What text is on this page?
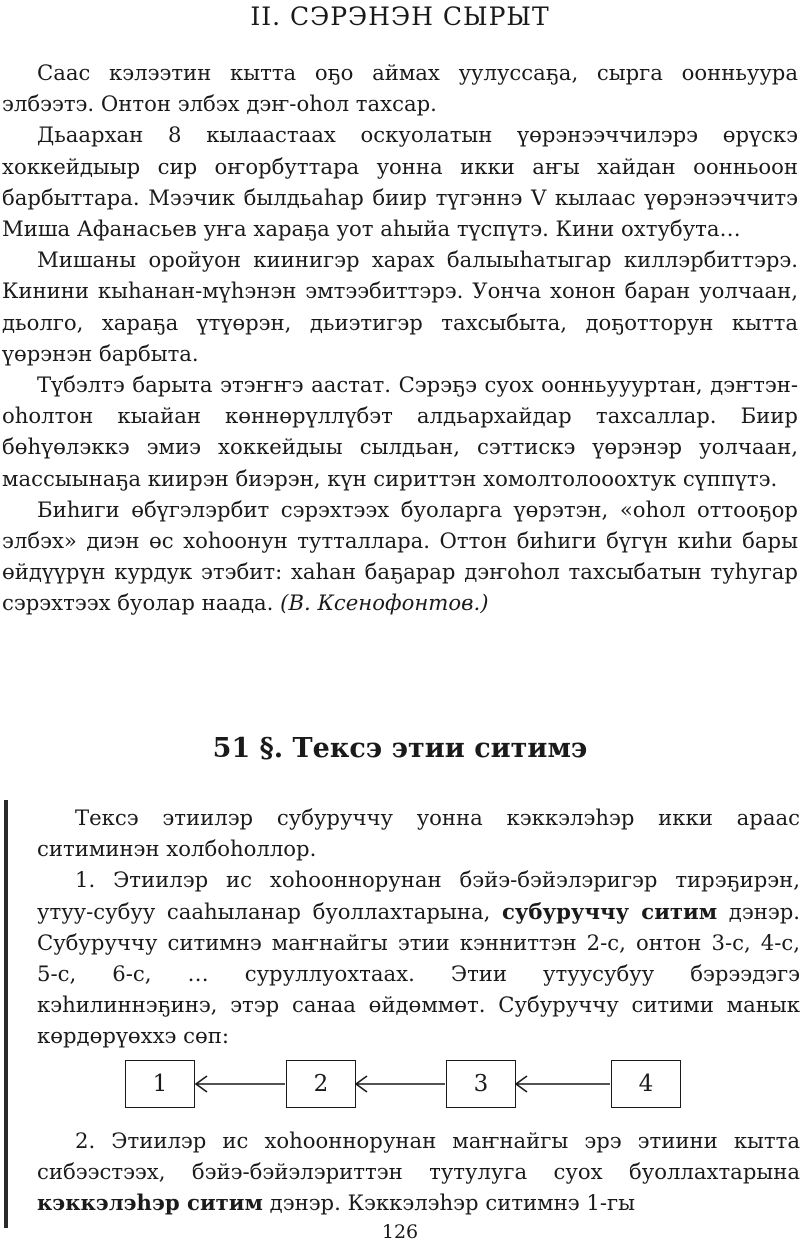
II. СЭРЭНЭН СЫРЫТ

Саас кэлээтин кытта оҕо аймах уулуссаҕа, сырга оонньуура элбээтэ. Онтон элбэх дэҥ-оһол тахсар.

Дьаархан 8 кылаастаах оскуолатын үөрэнээччилэрэ өрүскэ хоккейдыыр сир оҥорбуттара уонна икки аҥы хайдан оонньоон барбыттара. Мээчик былдьаһар биир түгэннэ V кылаас үөрэнээччитэ Миша Афанасьев уҥа хараҕа уот аһыйа түспүтэ. Кини охтубута…

Мишаны оройуон киинигэр харах балыыһатыгар киллэрбиттэрэ. Кинини кыһанан-мүһэнэн эмтээбиттэрэ. Уонча хонон баран уолчаан, дьолго, хараҕа үтүөрэн, дьиэтигэр тахсыбыта, доҕотторун кытта үөрэнэн барбыта.

Түбэлтэ барыта этэҥҥэ аастат. Сэрэҕэ суох оонньуууртан, дэҥтэн-оһолтон кыайан көннөрүллүбэт алдьархайдар тахсаллар. Биир бөһүөлэккэ эмиэ хоккейдыы сылдьан, сэттискэ үөрэнэр уолчаан, массыынаҕа киирэн биэрэн, күн сириттэн хомолтолооохтук сүппүтэ.

Биһиги өбүгэлэрбит сэрэхтээх буоларга үөрэтэн, «оһол оттооҕор элбэх» диэн өс хоһоонун тутталлара. Оттон биһиги бүгүн киһи бары өйдүүрүн курдук этэбит: хаһан баҕарар дэҥоһол тахсыбатын туһугар сэрэхтээх буолар наада. (В. Ксенофонтов.)

51 §. Тексэ этии ситимэ

Тексэ этиилэр субуруччу уонна кэккэлэһэр икки араас ситиминэн холбоһоллор.

1. Этиилэр ис хоһооннорунан бэйэ-бэйэлэригэр тирэҕирэн, утуу-субуу сааһыланар буоллахтарына, субуруччу ситим дэнэр. Субуруччу ситимнэ маҥнайгы этии кэнниттэн 2-с, онтон 3-с, 4-с, 5-с, 6-с, … суруллуохтаах. Этии утуусубуу бэрээдэгэ кэһилиннэҕинэ, этэр санаа өйдөммөт. Субуруччу ситими манык көрдөрүөххэ сөп:

1	2	3	4

2. Этиилэр ис хоһооннорунан маҥнайгы эрэ этиини кытта сибээстээх, бэйэ-бэйэлэриттэн тутулуга суох буоллахтарына кэккэлэһэр ситим дэнэр. Кэккэлэһэр ситимнэ 1-гы

126
